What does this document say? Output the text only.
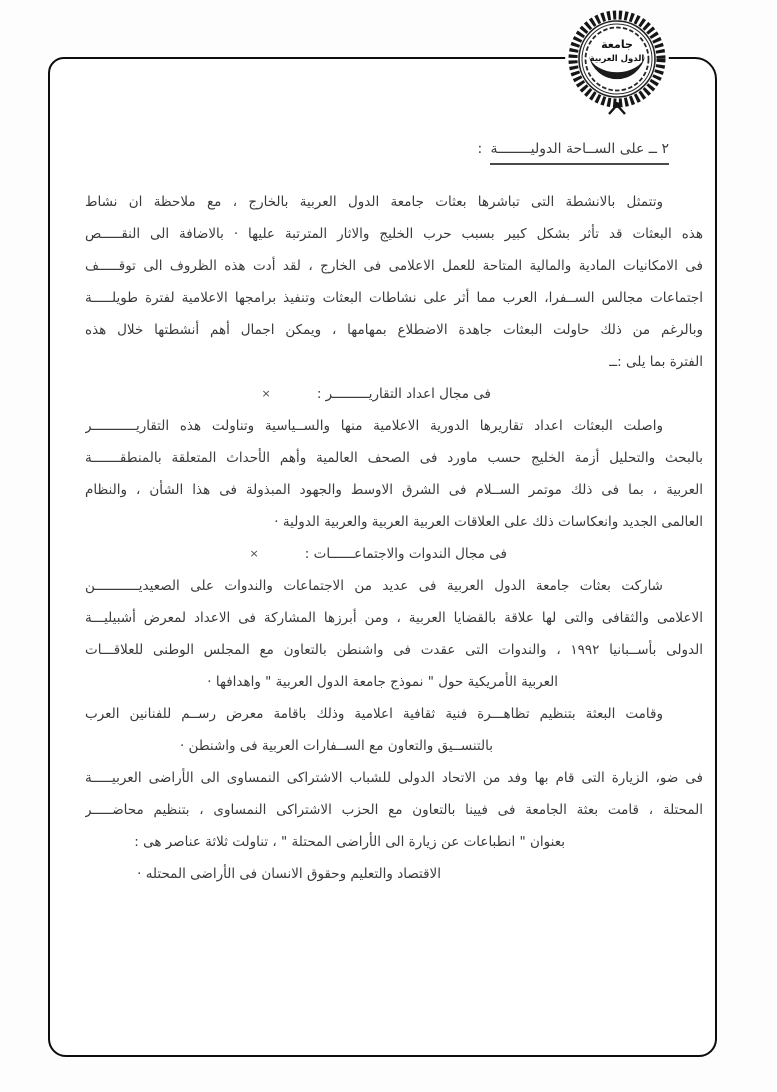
جامعة
الدول العربية
٢ ــ على الســاحة الدوليــــــــة:
وتتمثل بالانشطة التى تباشرها بعثات جامعة الدول العربية بالخارج ، مع ملاحظة ان نشاط
هذه البعثات قد تأثر بشكل كبير بسبب حرب الخليج والاثار المترتبة عليها · بالاضافة الى النقـــــص
فى الامكانيات المادية والمالية المتاحة للعمل الاعلامى فى الخارج ، لقد أدت هذه الظروف الى توقـــــف
اجتماعات مجالس الســفرا، العرب مما أثر على نشاطات البعثات وتنفيذ برامجها الاعلامية لفترة طويلـــــة
وبالرغم من ذلك حاولت البعثات جاهدة الاضطلاع بمهامها ، ويمكن اجمال أهم أنشطتها خلال هذه
الفترة بما يلى :ــ
فى مجال اعداد التقاريـــــــــر :
×
واصلت البعثات اعداد تقاريرها الدورية الاعلامية منها والســياسية وتناولت هذه التقاريـــــــــــر
بالبحث والتحليل أزمة الخليج حسب ماورد فى الصحف العالمية وأهم الأحداث المتعلقة بالمنطقـــــــة
العربية ، بما فى ذلك موتمر الســلام فى الشرق الاوسط والجهود المبذولة فى هذا الشأن ، والنظام
العالمى الجديد وانعكاسات ذلك على العلاقات العربية العربية والعربية الدولية ·
فى مجال الندوات والاجتماعــــــات :
×
شاركت بعثات جامعة الدول العربية فى عديد من الاجتماعات والندوات على الصعيديـــــــــــن
الاعلامى والثقافى والتى لها علاقة بالقضايا العربية ، ومن أبرزها المشاركة فى الاعداد لمعرض أشبيليـــة
الدولى بأســبانيا ١٩٩٢ ، والندوات التى عقدت فى واشنطن بالتعاون مع المجلس الوطنى للعلاقـــات
العربية الأمريكية حول " نموذج جامعة الدول العربية " واهدافها ·
وقامت البعثة بتنظيم تظاهـــرة فنية ثقافية اعلامية وذلك باقامة معرض رســم للفنانين العرب
بالتنســيق والتعاون مع الســفارات العربية فى واشنطن ·
فى ضو، الزيارة التى قام بها وفد من الاتحاد الدولى للشباب الاشتراكى النمساوى الى الأراضى العربيـــــة
المحتلة ، قامت بعثة الجامعة فى فيينا بالتعاون مع الحزب الاشتراكى النمساوى ، بتنظيم محاضـــــر
بعنوان " انطباعات عن زيارة الى الأراضى المحتلة " ، تناولت ثلاثة عناصر هى :
الاقتصاد والتعليم وحقوق الانسان فى الأراضى المحتله ·
